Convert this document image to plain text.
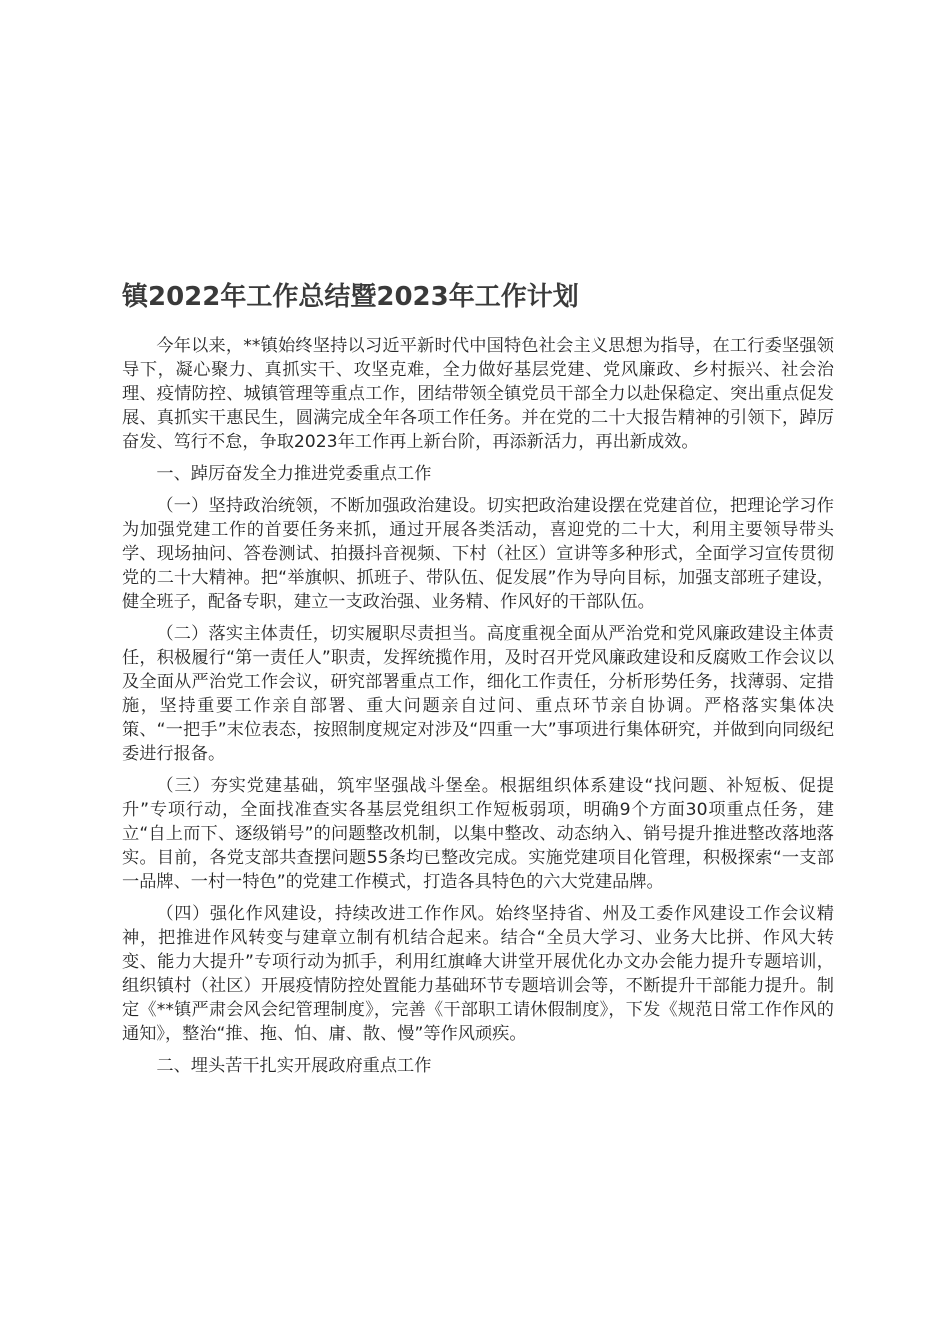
镇2022年工作总结暨2023年工作计划

今年以来，**镇始终坚持以习近平新时代中国特色社会主义思想为指导，在工行委坚强领导下，凝心聚力、真抓实干、攻坚克难，全力做好基层党建、党风廉政、乡村振兴、社会治理、疫情防控、城镇管理等重点工作，团结带领全镇党员干部全力以赴保稳定、突出重点促发展、真抓实干惠民生，圆满完成全年各项工作任务。并在党的二十大报告精神的引领下，踔厉奋发、笃行不怠，争取2023年工作再上新台阶，再添新活力，再出新成效。

一、踔厉奋发全力推进党委重点工作

（一）坚持政治统领，不断加强政治建设。切实把政治建设摆在党建首位，把理论学习作为加强党建工作的首要任务来抓，通过开展各类活动，喜迎党的二十大，利用主要领导带头学、现场抽问、答卷测试、拍摄抖音视频、下村（社区）宣讲等多种形式，全面学习宣传贯彻党的二十大精神。把“举旗帜、抓班子、带队伍、促发展”作为导向目标，加强支部班子建设，健全班子，配备专职，建立一支政治强、业务精、作风好的干部队伍。

（二）落实主体责任，切实履职尽责担当。高度重视全面从严治党和党风廉政建设主体责任，积极履行“第一责任人”职责，发挥统揽作用，及时召开党风廉政建设和反腐败工作会议以及全面从严治党工作会议，研究部署重点工作，细化工作责任，分析形势任务，找薄弱、定措施，坚持重要工作亲自部署、重大问题亲自过问、重点环节亲自协调。严格落实集体决策、“一把手”末位表态，按照制度规定对涉及“四重一大”事项进行集体研究，并做到向同级纪委进行报备。

（三）夯实党建基础，筑牢坚强战斗堡垒。根据组织体系建设“找问题、补短板、促提升”专项行动，全面找准查实各基层党组织工作短板弱项，明确9个方面30项重点任务，建立“自上而下、逐级销号”的问题整改机制，以集中整改、动态纳入、销号提升推进整改落地落实。目前，各党支部共查摆问题55条均已整改完成。实施党建项目化管理，积极探索“一支部一品牌、一村一特色”的党建工作模式，打造各具特色的六大党建品牌。

（四）强化作风建设，持续改进工作作风。始终坚持省、州及工委作风建设工作会议精神，把推进作风转变与建章立制有机结合起来。结合“全员大学习、业务大比拼、作风大转变、能力大提升”专项行动为抓手，利用红旗峰大讲堂开展优化办文办会能力提升专题培训，组织镇村（社区）开展疫情防控处置能力基础环节专题培训会等，不断提升干部能力提升。制定《**镇严肃会风会纪管理制度》，完善《干部职工请休假制度》，下发《规范日常工作作风的通知》，整治“推、拖、怕、庸、散、慢”等作风顽疾。

二、埋头苦干扎实开展政府重点工作
